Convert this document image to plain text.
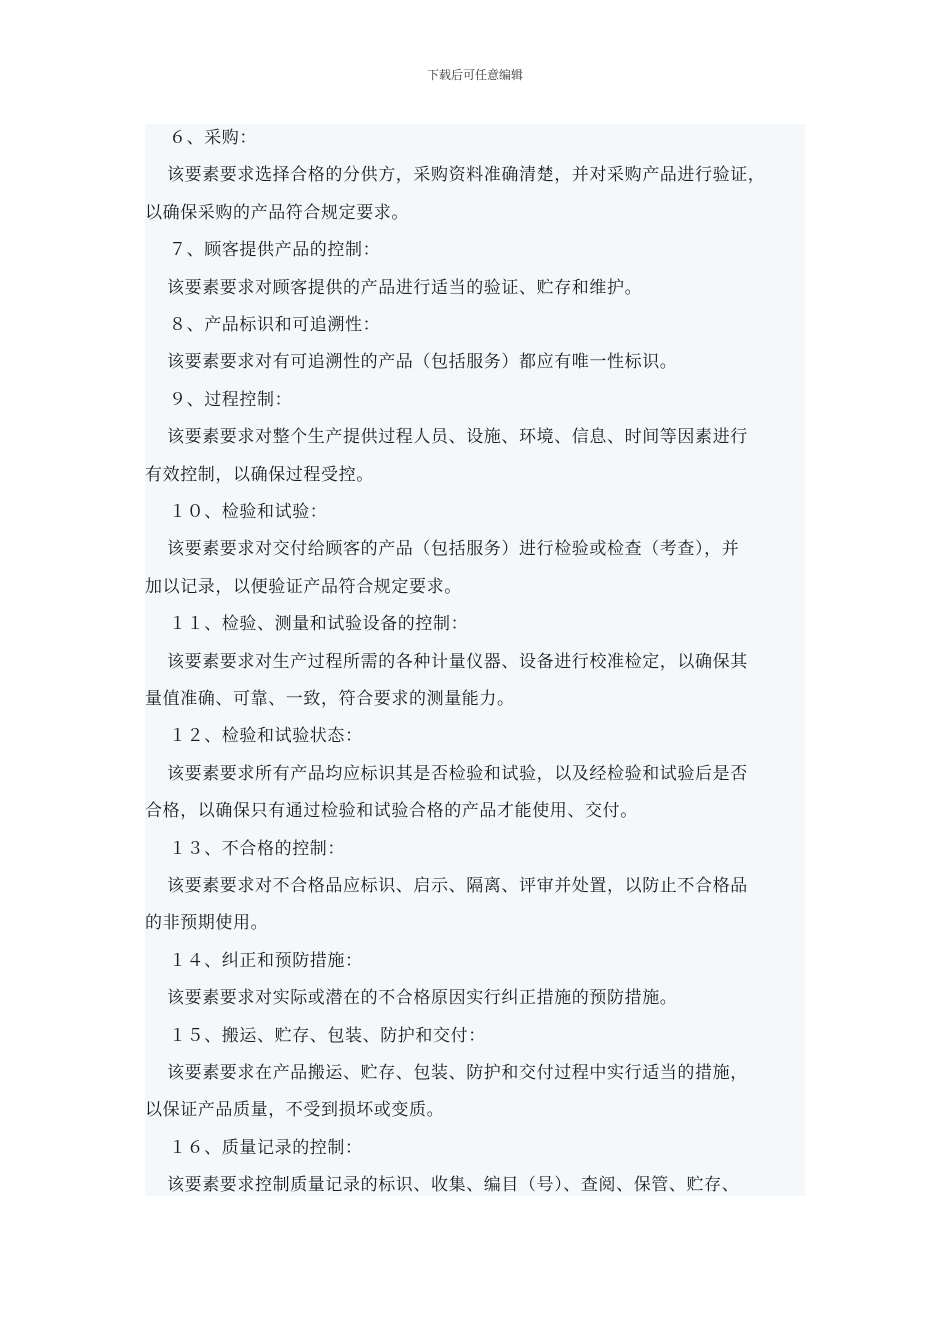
下载后可任意编辑
６、采购：
该要素要求选择合格的分供方，采购资料准确清楚，并对采购产品进行验证，
以确保采购的产品符合规定要求。
７、顾客提供产品的控制：
该要素要求对顾客提供的产品进行适当的验证、贮存和维护。
８、产品标识和可追溯性：
该要素要求对有可追溯性的产品（包括服务）都应有唯一性标识。
９、过程控制：
该要素要求对整个生产提供过程人员、设施、环境、信息、时间等因素进行
有效控制，以确保过程受控。
１０、检验和试验：
该要素要求对交付给顾客的产品（包括服务）进行检验或检查（考查），并
加以记录，以便验证产品符合规定要求。
１１、检验、测量和试验设备的控制：
该要素要求对生产过程所需的各种计量仪器、设备进行校准检定，以确保其
量值准确、可靠、一致，符合要求的测量能力。
１２、检验和试验状态：
该要素要求所有产品均应标识其是否检验和试验，以及经检验和试验后是否
合格，以确保只有通过检验和试验合格的产品才能使用、交付。
１３、不合格的控制：
该要素要求对不合格品应标识、启示、隔离、评审并处置，以防止不合格品
的非预期使用。
１４、纠正和预防措施：
该要素要求对实际或潜在的不合格原因实行纠正措施的预防措施。
１５、搬运、贮存、包装、防护和交付：
该要素要求在产品搬运、贮存、包装、防护和交付过程中实行适当的措施，
以保证产品质量，不受到损坏或变质。
１６、质量记录的控制：
该要素要求控制质量记录的标识、收集、编目（号）、查阅、保管、贮存、
